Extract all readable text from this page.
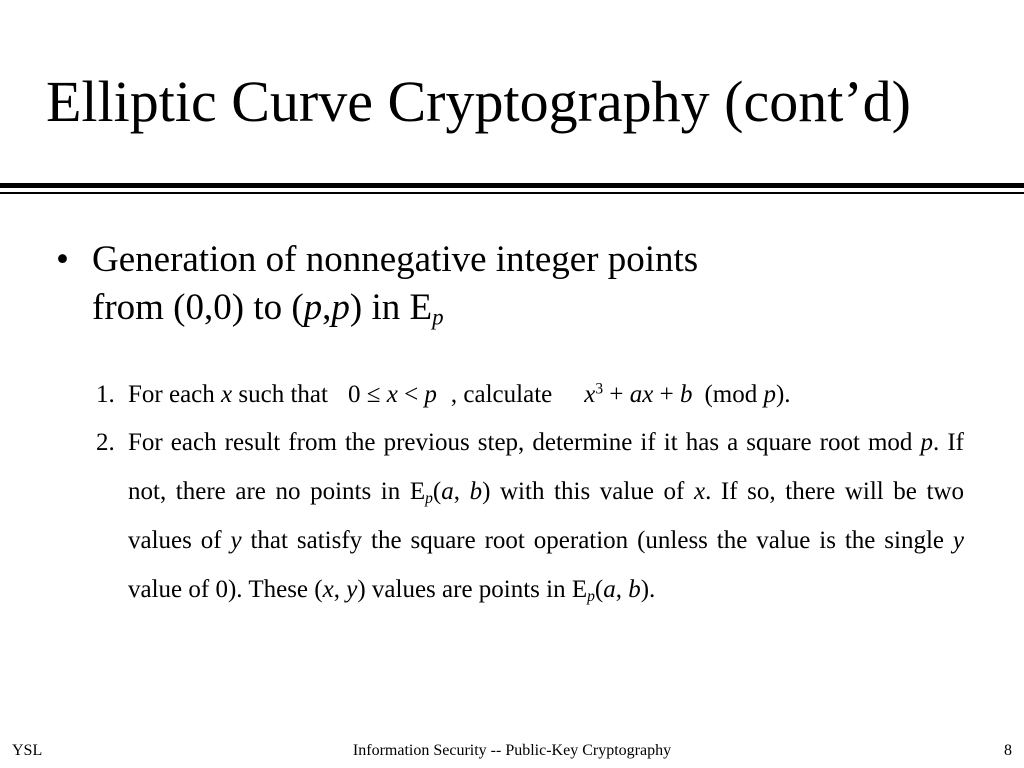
Elliptic Curve Cryptography (cont’d)
• Generation of nonnegative integer points
from (0,0) to (p,p) in $E_p$
1. For each x such that 0 ≤ x < p , calculate $x^3$ + ax + b (mod p).
2. For each result from the previous step, determine if it has a square root mod p. If not, there are no points in $E_p(a$, b) with this value of x. If so, there will be two values of y that satisfy the square root operation (unless the value is the single y value of 0). These (x, y) values are points in $E_p(a$, b).
Information Security -- Public-Key Cryptography
YSL	8
